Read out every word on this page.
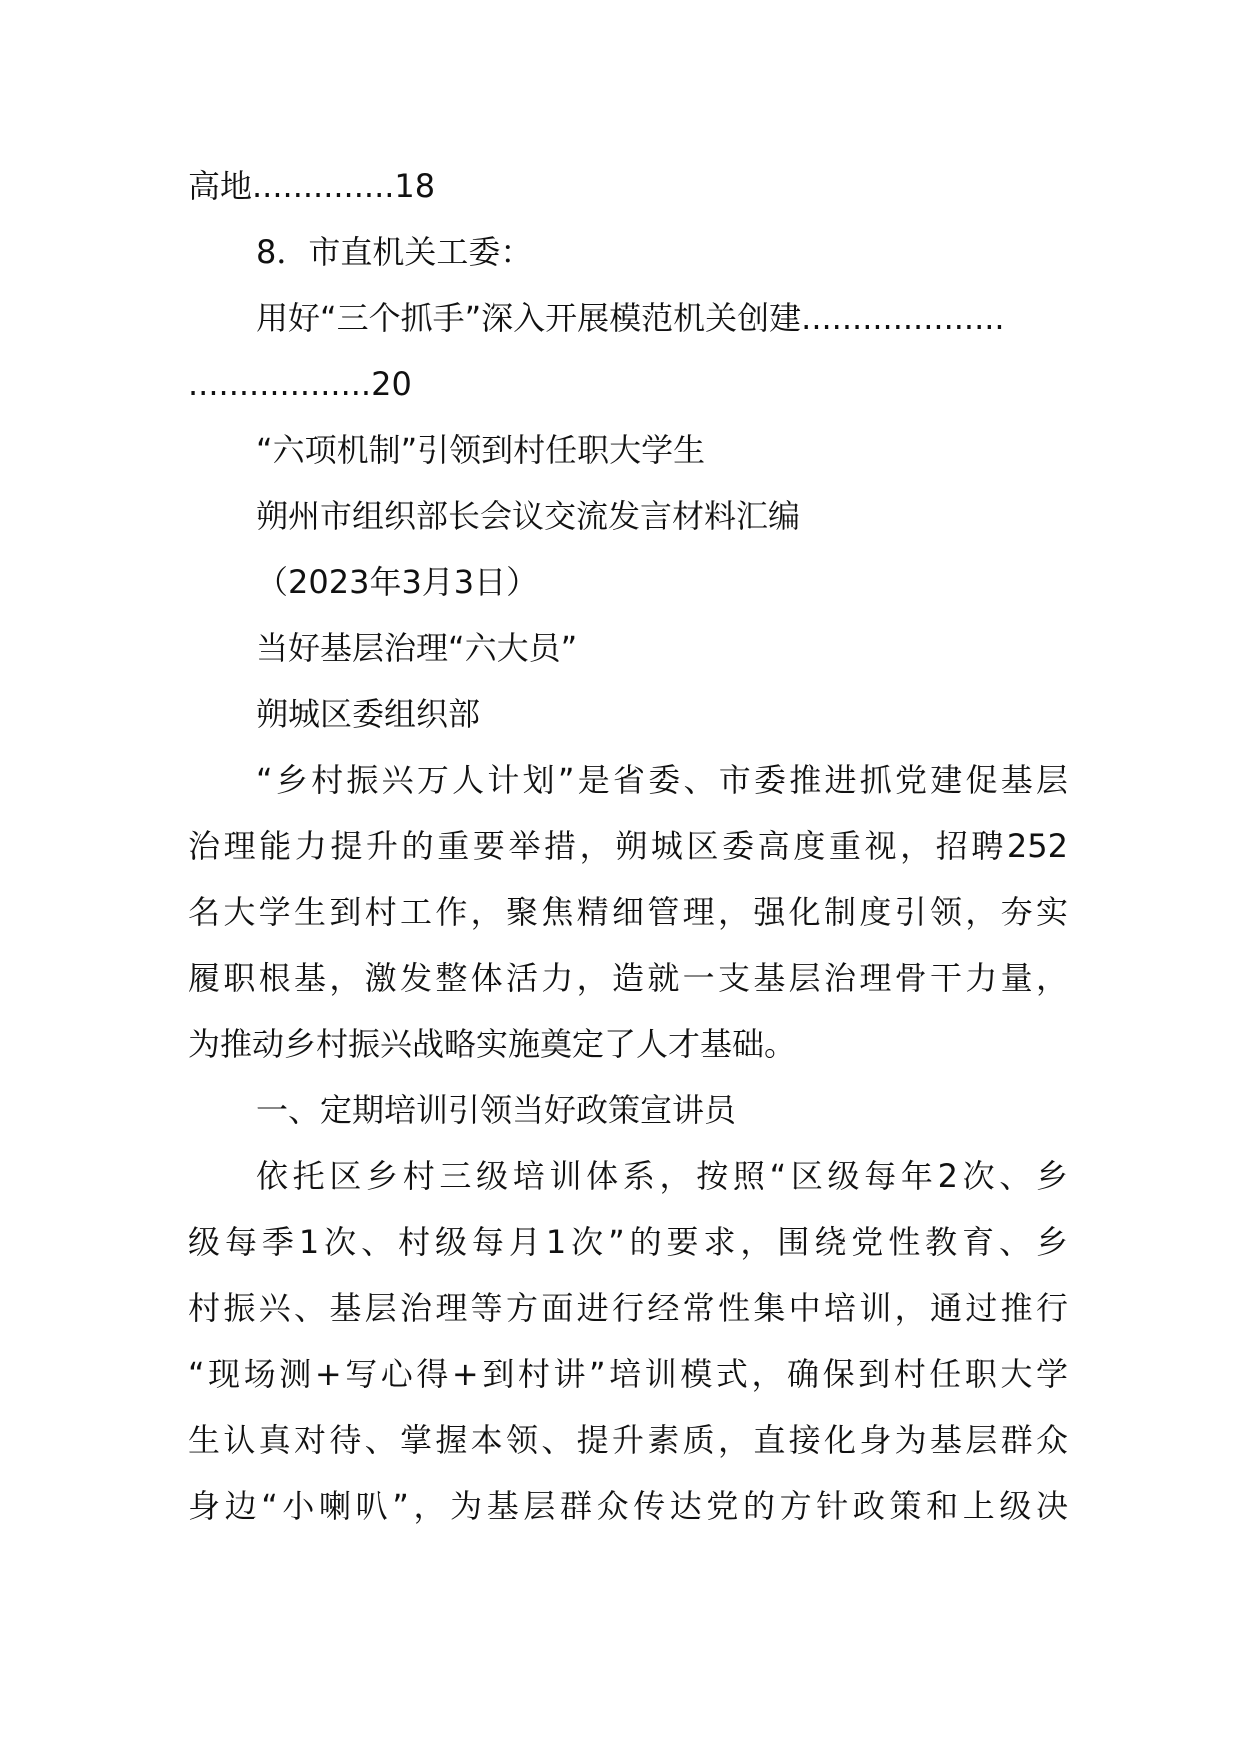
高地..............18
8．市直机关工委：
用好“三个抓手”深入开展模范机关创建....................
..................20
“六项机制”引领到村任职大学生
朔州市组织部长会议交流发言材料汇编
（2023年3月3日）
当好基层治理“六大员”
朔城区委组织部
“乡村振兴万人计划”是省委、市委推进抓党建促基层
治理能力提升的重要举措，朔城区委高度重视，招聘252
名大学生到村工作，聚焦精细管理，强化制度引领，夯实
履职根基，激发整体活力，造就一支基层治理骨干力量，
为推动乡村振兴战略实施奠定了人才基础。
一、定期培训引领当好政策宣讲员
依托区乡村三级培训体系，按照“区级每年2次、乡
级每季1次、村级每月1次”的要求，围绕党性教育、乡
村振兴、基层治理等方面进行经常性集中培训，通过推行
“现场测+写心得+到村讲”培训模式，确保到村任职大学
生认真对待、掌握本领、提升素质，直接化身为基层群众
身边“小喇叭”，为基层群众传达党的方针政策和上级决
